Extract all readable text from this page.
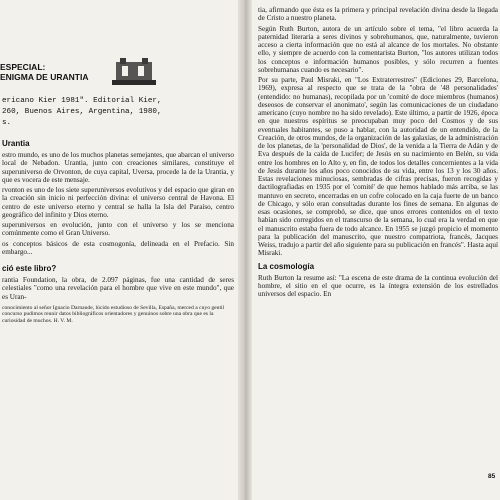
ESPECIAL:
ENIGMA DE URANTIA

ericano Kier 1981". Editorial Kier,

260, Buenos Aires, Argentina, 1980,

s.

Urantia

estro mundo, es uno de los muchos planetas semejantes, que abarcan el universo local de Nebadon. Urantia, junto con creaciones similares, constituye el superuniverso de Orvonton, de cuya capital, Uversa, procede la de la Urantia, y que es vocera de este mensaje.

rvonton es uno de los siete superuniversos evolutivos y del espacio que giran en la creación sin inicio ni perfección divina: el universo central de Havona. El centro de este universo eterno y central se halla la Isla del Paraíso, centro geográfico del infinito y Dios eterno.

superuniversos en evolución, junto con el universo y los se menciona comúnmente como el Gran Universo.

os conceptos básicos de esta cosmogonía, delineada en el Prefacio. Sin embargo...

ció este libro?

rantia Foundation, la obra, de 2.097 páginas, fue una cantidad de seres celestiales "como una revelación para el hombre que vive en este mundo", que es Uran-

conocimiento al señor Ignacio Darnaude, lúcido estudioso de Sevilla, España, merced a cuyo gentil concurso pudimos reunir datos bibliográficos orientadores y genuinos sobre una obra que es la curiosidad de muchos. H. V. M.

tia, afirmando que ésta es la primera y principal revelación divina desde la llegada de Cristo a nuestro planeta.

Según Ruth Burton, autora de un artículo sobre el tema, "el libro acuerda la paternidad literaria a seres divinos y sobrehumanos, que, naturalmente, tuvieron acceso a cierta información que no está al alcance de los mortales. No obstante ello, y siempre de acuerdo con la comentarista Burton, "los autores utilizan todos los conceptos e información humanos posibles, y sólo recurren a fuentes sobrehumanas cuando es necesario".

Por su parte, Paul Misraki, en "Los Extraterrestres" (Ediciones 29, Barcelona, 1969), expresa al respecto que se trata de la "obra de '48 personalidades' (entendido: no humanas), recopilada por un 'comité de doce miembros (humanos) deseosos de conservar el anonimato', según las comunicaciones de un ciudadano americano (cuyo nombre no ha sido revelado). Este último, a partir de 1926, época en que nuestros espíritus se preocupaban muy poco del Cosmos y de sus eventuales habitantes, se puso a hablar, con la autoridad de un entendido, de la Creación, de otros mundos, de la organización de las galaxias, de la administración de los planetas, de la 'personalidad de Dios', de la venida a la Tierra de Adán y de Eva después de la caída de Lucifer; de Jesús en su nacimiento en Belén, su vida entre los hombres en lo Alto y, en fin, de todos los detalles concernientes a la vida de Jesús durante los años poco conocidos de su vida, entre los 13 y los 30 años. Estas revelaciones minuciosas, sembradas de cifras precisas, fueron recogidas y dactilografiadas en 1935 por el 'comité' de que hemos hablado más arriba, se las mantuvo en secreto, encerradas en un cofre colocado en la caja fuerte de un banco de Chicago, y sólo eran consultadas durante los fines de semana. En algunas de esas ocasiones, se comprobó, se dice, que unos errores contenidos en el texto habían sido corregidos en el transcurso de la semana, lo cual era la verdad en que el manuscrito estaba fuera de todo alcance. En 1955 se juzgó propicio el momento para la publicación del manuscrito, que nuestro compatriota, francés, Jacques Weiss, tradujo a partir del año siguiente para su publicación en francés". Hasta aquí Misraki.

La cosmología

Ruth Burton la resume así: "La escena de este drama de la continua evolución del hombre, el sitio en el que ocurre, es la íntegra extensión de los estrellados universos del espacio. En

85
